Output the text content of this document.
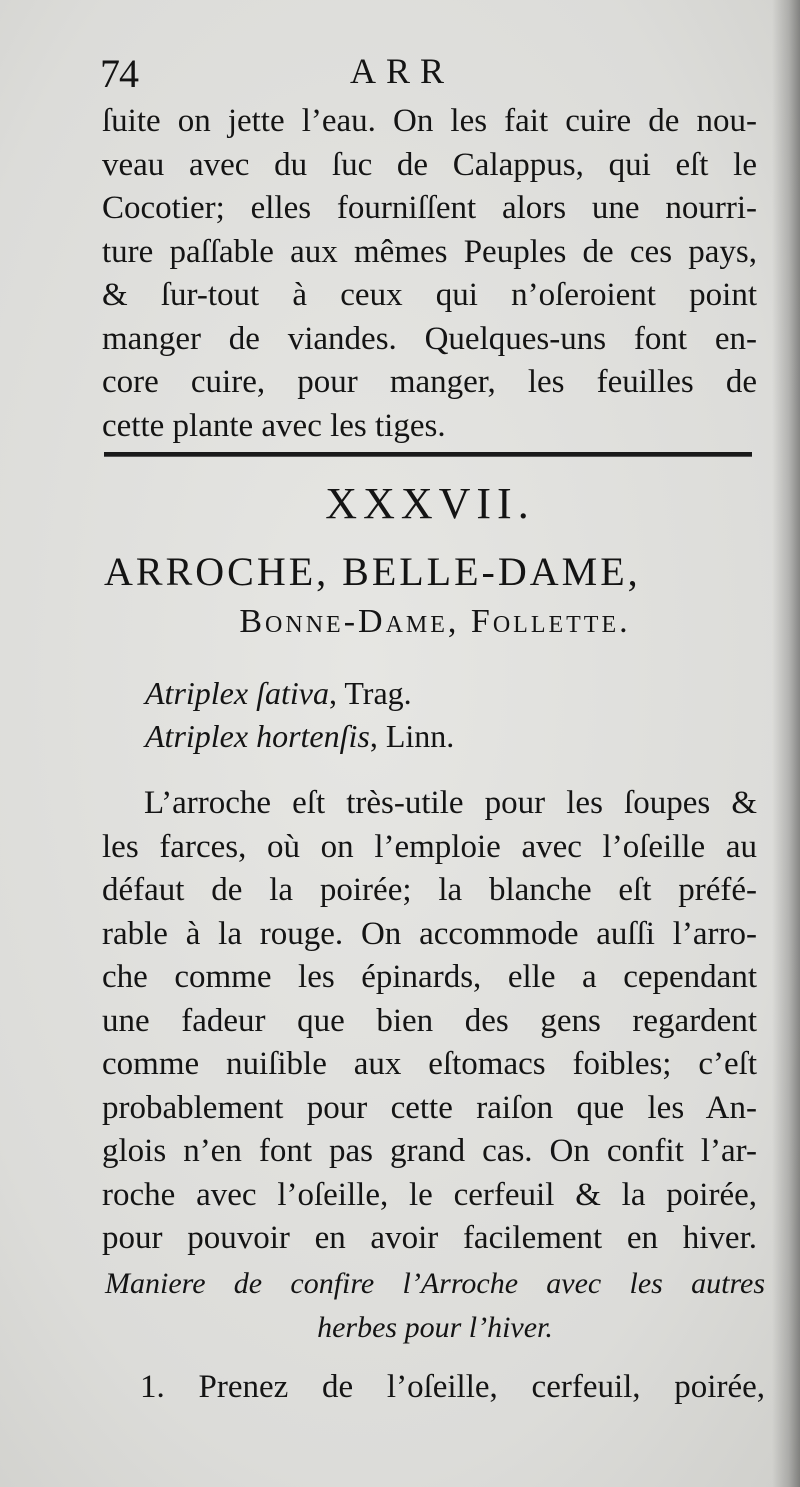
74	ARR
ſuite on jette l’eau. On les fait cuire de nou-
veau avec du ſuc de Calappus, qui eſt le
Cocotier; elles fourniſſent alors une nourri-
ture paſſable aux mêmes Peuples de ces pays,
& ſur-tout à ceux qui n’oſeroient point
manger de viandes. Quelques-uns font en-
core cuire, pour manger, les feuilles de
cette plante avec les tiges.
XXXVII.
ARROCHE, BELLE-DAME,
Bonne-Dame, Follette.
Atriplex ſativa, Trag.
Atriplex hortenſis, Linn.
L’arroche eſt très-utile pour les ſoupes &
les farces, où on l’emploie avec l’oſeille au
défaut de la poirée; la blanche eſt préfé-
rable à la rouge. On accommode auſſi l’arro-
che comme les épinards, elle a cependant
une fadeur que bien des gens regardent
comme nuiſible aux eſtomacs foibles; c’eſt
probablement pour cette raiſon que les An-
glois n’en font pas grand cas. On confit l’ar-
roche avec l’oſeille, le cerfeuil & la poirée,
pour pouvoir en avoir facilement en hiver.
Maniere de confire l’Arroche avec les autres
herbes pour l’hiver.
1. Prenez de l’oſeille, cerfeuil, poirée,
